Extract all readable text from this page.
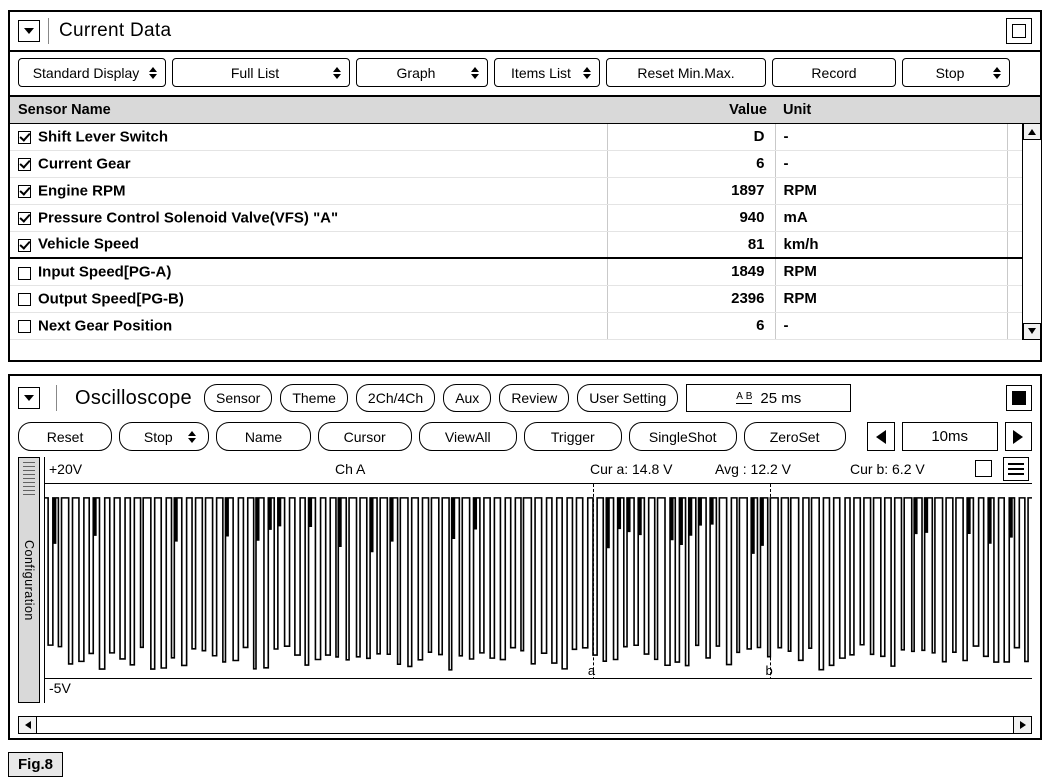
Current Data
Standard Display	Full List	Graph	Items List	Reset Min.Max.	Record	Stop
Sensor Name	Value	Unit	
Shift Lever Switch	D	-	
Current Gear	6	-	
Engine RPM	1897	RPM	
Pressure Control Solenoid Valve(VFS) "A"	940	mA	
Vehicle Speed	81	km/h	
Input Speed[PG-A)	1849	RPM	
Output Speed[PG-B)	2396	RPM	
Next Gear Position	6	-	
Oscilloscope	Sensor	Theme	2Ch/4Ch	Aux	Review	User Setting	A B 25 ms
Reset	Stop	Name	Cursor	ViewAll	Trigger	SingleShot	ZeroSet	10ms
Configuration
+20V	Ch A	Cur a: 14.8 V	Avg : 12.2 V	Cur b: 6.2 V
-5V
a	b
Fig.8
